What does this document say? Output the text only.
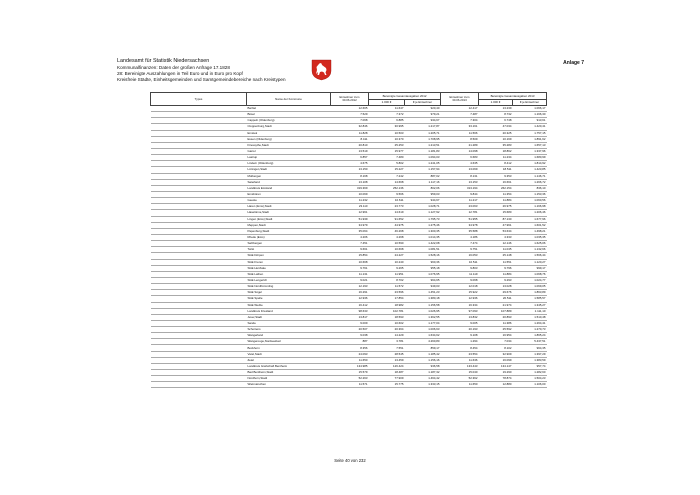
Landesamt für Statistik Niedersachsen
Kommunalfinanzen: Daten der großen Anfrage 17.1828
28: Bereinigte Auszahlungen in Teil Euro und in Euro pro Kopf
Kreisfreie Städte, Einheitsgemeinden und Samtgemeindebereiche nach Kreistypen
Anlage 7
Typus	Name der Kommune	Einwohner zum 30.06.2012	Bereinigte Gesamtausgaben 2012		Einwohner zum 30.06.2013	Bereinigte Gesamtausgaben 2013	
			1.000 €	€ je Einwohner		1.000 €	€ je Einwohner
	Barßel	12.665	11.647	920,40	12.417	13.239	1.066,17
	Bösel	7.529	7.372	979,21	7.487	8.732	1.166,30
	Cappeln (Oldenburg)	7.068	6.885	934,67	7.304	6.748	913,61
	Cloppenburg,Stadt	32.846	30.995	1.217,87	33.161	47.034	1.420,41
	Emstek	11.828	10.503	1.205,71	11.566	20.325	1.757,15
	Essen (Oldenburg)	8.411	10.370	1.708,95	8.509	10.169	1.891,62
	Friesoythe,Stadt	20.810	25.253	1.213,51	21.289	35.283	1.657,13
	Garrel	13.519	15.977	1.181,83	14.098	18.862	1.337,96
	Lastrup	6.857	7.480	1.094,03	6.683	11.234	1.680,99
	Lindern (Oldenburg)	4.675	5.802	1.241,05	4.635	8.412	1.814,92
	Löningen,Stadt	13.150	15.227	1.157,94	13.069	18.511	1.423,85
	Molbergen	8.168	7.242	887,02	8.131	9.353	1.146,71
	Saterland	13.108	14.668	1.117,16	13.153	16.661	1.266,72
	Landkreis Emsland	319.369	252.136	802,06	313.194	262.154	836,10
	Emsbüren	10.069	9.566	959,03	9.844	11.354	1.153,36
	Geeste	11.232	10.611	944,67	11.217	11.884	1.060,56
	Haren (Ems),Stadt	23.110	23.773	1.028,71	23.063	26.975	1.166,98
	Haselünne,Stadt	12.961	14.619	1.127,92	12.781	15.680	1.206,46
	Lingen (Ems),Stadt	51.939	91.652	1.795,73	51.955	87.130	1.677,96
	Meppen,Stadt	34.979	44.975	1.275,46	34.978	47.961	1.601,52
	Papenburg,Stadt	35.064	46.268	1.300,35	35.588	53.634	1.498,21
	Rhede (Ems)	4.206	4.268	1.014,35	4.186	4.333	1.035,35
	Salzbergen	7.451	10.590	1.422,08	7.474	12.146	1.625,06
	Twist	9.661	10.668	1.081,51	9.751	11.045	1.132,66
	SGE Dörpen	15.854	24.227	1.528,16	16.053	25.148	1.566,44
	SGE Freren	10.668	10.240	960,36	10.511	11.551	1.120,27
	SGE Herzlake	9.761	9.265	955,18	9.803	9.796	999,17
	SGE Lathen	11.131	11.951	1.076,95	11.119	11.884	1.068,76
	SGE Lengerich	9.021	8.702	964,65	9.068	9.293	1.024,77
	SGE Nordhümmling	12.193	11.572	949,03	12.018	13.028	1.069,05
	SGE Sögel	16.291	23.596	1.451,23	15.922	29.676	1.863,89
	SGE Spelle	12.936	17.854	1.380,18	12.936	20.511	1.585,57
	SGE Werlte	16.412	18.982	1.156,58	16.334	21.974	1.345,27
	Landkreis Friesland	98.633	102.781	1.026,95	97.093	107.889	1.111,10
	Jever,Stadt	13.817	18.593	1.362,55	13.832	20.893	1.510,48
	Sande	9.009	10.602	1.177,04	9.005	11.386	1.264,41
	Schortens	20.507	20.364	1.006,63	20.193	25.592	1.270,73
	Wangerland	9.038	14.229	1.634,62	9.108	16.954	1.865,24
	Wangerooge,Nordseebad	887	3.781	4.260,80	1.294	7.034	5.437,51
	Bockhorn	8.356	7.551	859,17	8.454	8.102	964,35
	Varel,Stadt	24.093	28.545	1.185,42	23.554	32.909	1.397,29
	Zetel	11.650	13.459	1.156,16	11.636	16.099	1.383,59
	Landkreis Grafschaft Bentheim	134.985	126.424	936,58	133.443	134.147	957,74
	Bad Bentheim,Stadt	15.579	18.487	1.187,32	15.040	19.290	1.282,60
	Nordhorn,Stadt	52.263	77.909	1.464,42	52.362	78.874	1.504,23
	Wietmarschen	11.571	15.775	1.333,15	11.650	12.880	1.106,00
Seite 40 von 232
